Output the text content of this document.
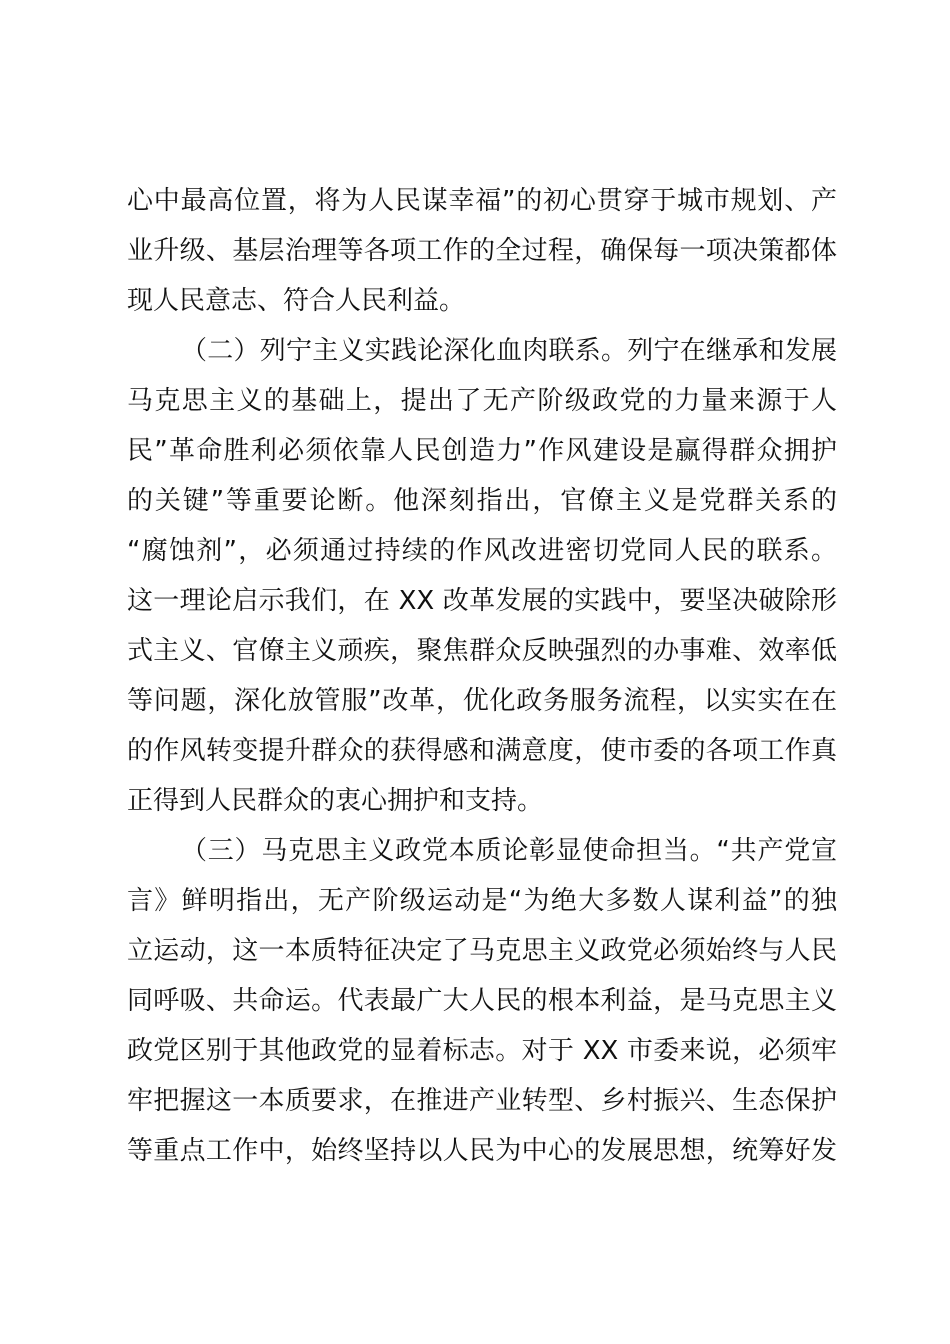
心中最高位置，将为人民谋幸福”的初心贯穿于城市规划、产
业升级、基层治理等各项工作的全过程，确保每一项决策都体
现人民意志、符合人民利益。
（二）列宁主义实践论深化血肉联系。列宁在继承和发展
马克思主义的基础上，提出了无产阶级政党的力量来源于人
民”革命胜利必须依靠人民创造力”作风建设是赢得群众拥护
的关键”等重要论断。他深刻指出，官僚主义是党群关系的
“腐蚀剂”，必须通过持续的作风改进密切党同人民的联系。
这一理论启示我们，在 XX 改革发展的实践中，要坚决破除形
式主义、官僚主义顽疾，聚焦群众反映强烈的办事难、效率低
等问题，深化放管服”改革，优化政务服务流程，以实实在在
的作风转变提升群众的获得感和满意度，使市委的各项工作真
正得到人民群众的衷心拥护和支持。
（三）马克思主义政党本质论彰显使命担当。“共产党宣
言》鲜明指出，无产阶级运动是“为绝大多数人谋利益”的独
立运动，这一本质特征决定了马克思主义政党必须始终与人民
同呼吸、共命运。代表最广大人民的根本利益，是马克思主义
政党区别于其他政党的显着标志。对于 XX 市委来说，必须牢
牢把握这一本质要求，在推进产业转型、乡村振兴、生态保护
等重点工作中，始终坚持以人民为中心的发展思想，统筹好发
